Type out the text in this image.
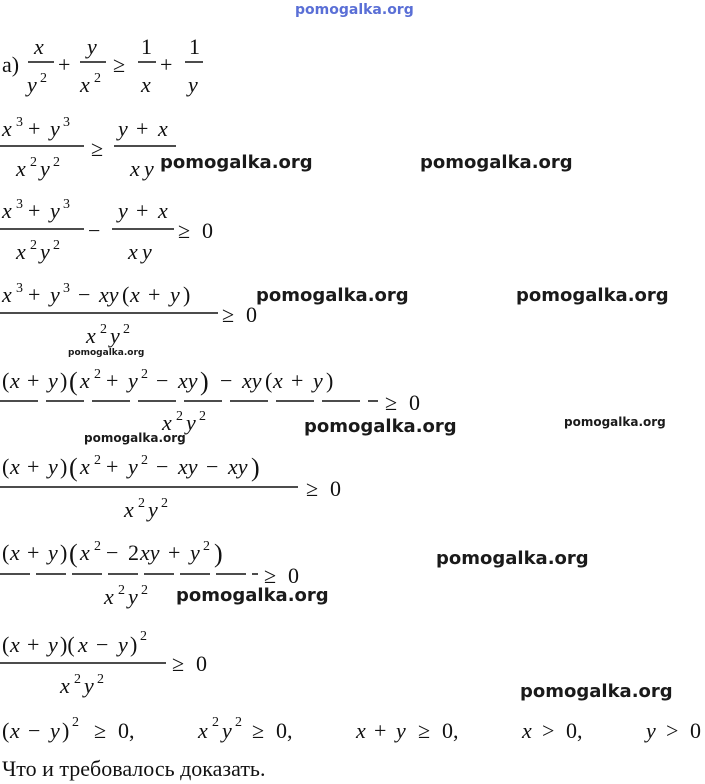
pomogalka.org
а)
x
y 2
+
y
x 2
≥
1
x
+
1
y
x 3 + y 3
x 2 y 2
≥
y + x
x y
x 3 + y 3
x 2 y 2
−
y + x
x y
≥ 0
x 3 + y 3 − xy ( x + y )
x 2 y 2
≥ 0
( x + y ) ( x 2 + y 2 − xy ) − xy ( x + y )
x 2 y 2
≥ 0
( x + y ) ( x 2 + y 2 − xy − xy )
x 2 y 2
≥ 0
( x + y ) ( x 2 − 2 xy + y 2 )
x 2 y 2
≥ 0
( x + y )( x − y ) 2
x 2 y 2
≥ 0
( x − y ) 2 ≥ 0,	x 2 y 2 ≥ 0,	x + y ≥ 0,	x > 0,	y > 0
Что и требовалось доказать.
pomogalka.org	pomogalka.org
pomogalka.org	pomogalka.org
pomogalka.org
pomogalka.org
pomogalka.org
pomogalka.org
pomogalka.org
pomogalka.org
pomogalka.org
